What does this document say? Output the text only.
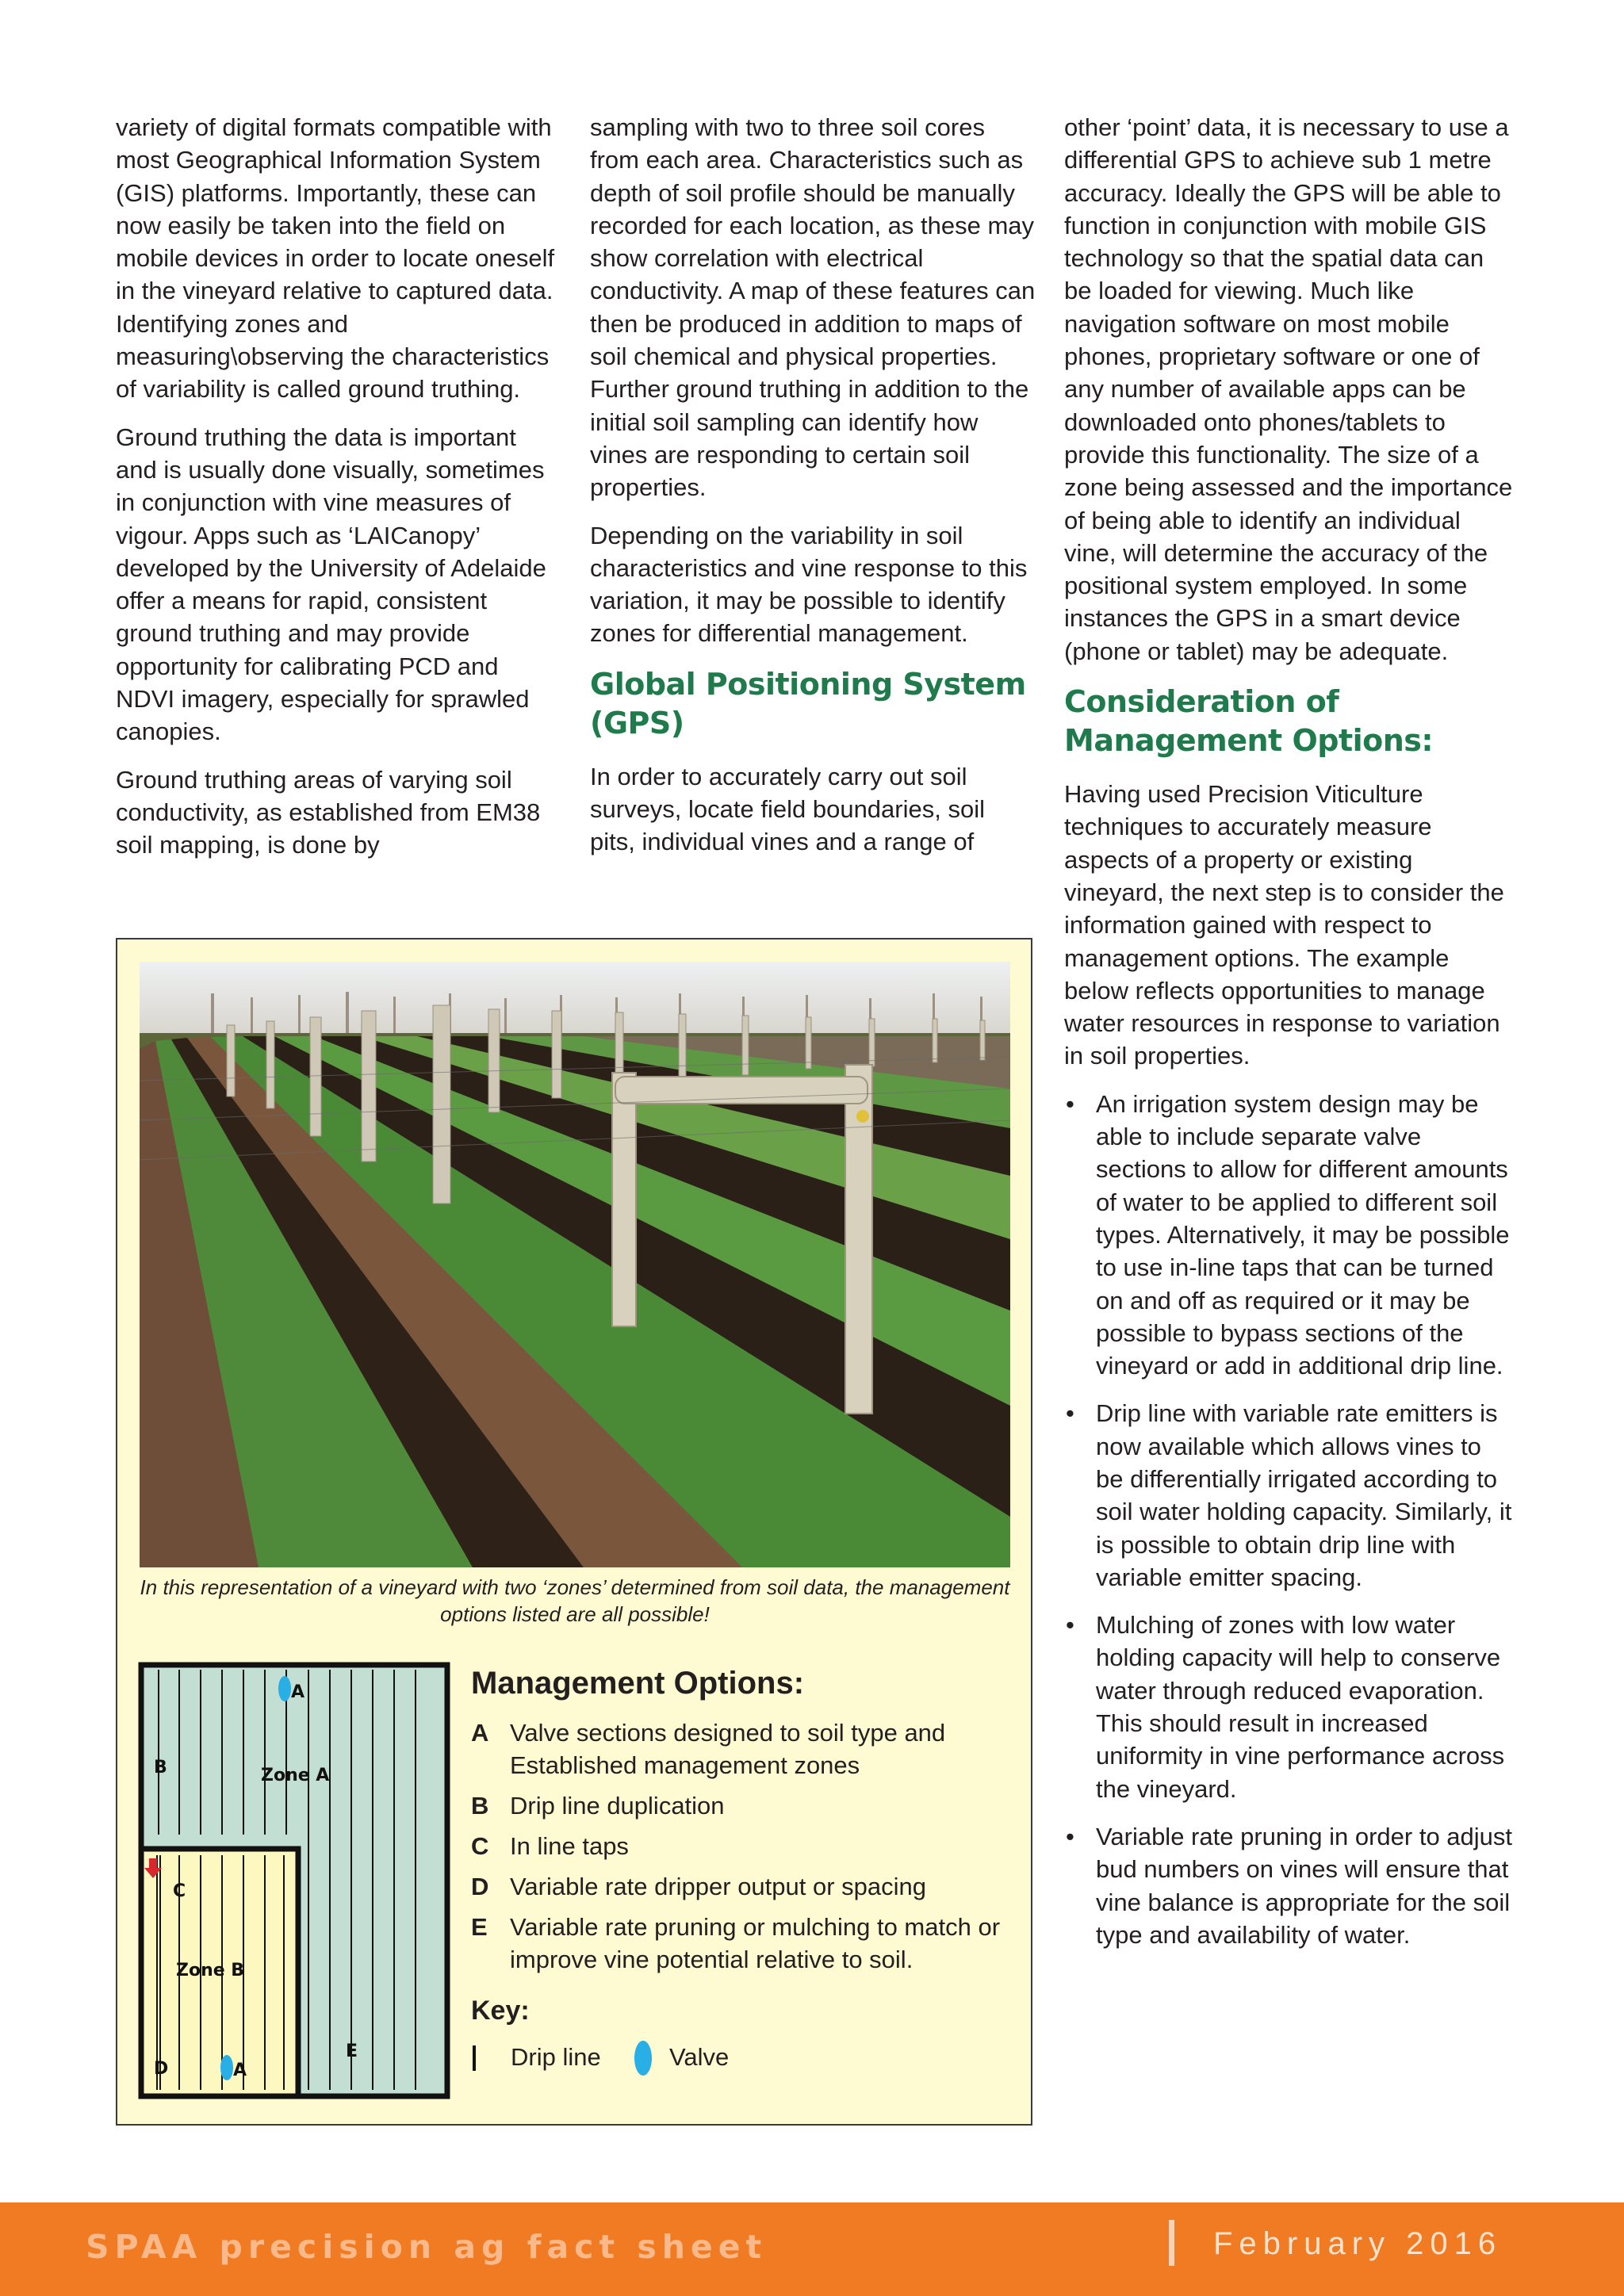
variety of digital formats compatible with most Geographical Information System (GIS) platforms. Importantly, these can now easily be taken into the field on mobile devices in order to locate oneself in the vineyard relative to captured data. Identifying zones and measuring\observing the characteristics of variability is called ground truthing.

Ground truthing the data is important and is usually done visually, sometimes in conjunction with vine measures of vigour. Apps such as ‘LAICanopy’ developed by the University of Adelaide offer a means for rapid, consistent ground truthing and may provide opportunity for calibrating PCD and NDVI imagery, especially for sprawled canopies.

Ground truthing areas of varying soil conductivity, as established from EM38 soil mapping, is done by

sampling with two to three soil cores from each area. Characteristics such as depth of soil profile should be manually recorded for each location, as these may show correlation with electrical conductivity. A map of these features can then be produced in addition to maps of soil chemical and physical properties. Further ground truthing in addition to the initial soil sampling can identify how vines are responding to certain soil properties.

Depending on the variability in soil characteristics and vine response to this variation, it may be possible to identify zones for differential management.

Global Positioning System (GPS)

In order to accurately carry out soil surveys, locate field boundaries, soil pits, individual vines and a range of

other ‘point’ data, it is necessary to use a differential GPS to achieve sub 1 metre accuracy. Ideally the GPS will be able to function in conjunction with mobile GIS technology so that the spatial data can be loaded for viewing. Much like navigation software on most mobile phones, proprietary software or one of any number of available apps can be downloaded onto phones/tablets to provide this functionality. The size of a zone being assessed and the importance of being able to identify an individual vine, will determine the accuracy of the positional system employed. In some instances the GPS in a smart device (phone or tablet) may be adequate.

Consideration of Management Options:

Having used Precision Viticulture techniques to accurately measure aspects of a property or existing vineyard, the next step is to consider the information gained with respect to management options. The example below reflects opportunities to manage water resources in response to variation in soil properties.

• An irrigation system design may be able to include separate valve sections to allow for different amounts of water to be applied to different soil types. Alternatively, it may be possible to use in-line taps that can be turned on and off as required or it may be possible to bypass sections of the vineyard or add in additional drip line.
• Drip line with variable rate emitters is now available which allows vines to be differentially irrigated according to soil water holding capacity. Similarly, it is possible to obtain drip line with variable emitter spacing.
• Mulching of zones with low water holding capacity will help to conserve water through reduced evaporation. This should result in increased uniformity in vine performance across the vineyard.
• Variable rate pruning in order to adjust bud numbers on vines will ensure that vine balance is appropriate for the soil type and availability of water.
In this representation of a vineyard with two ‘zones’ determined from soil data, the management options listed are all possible!
A
B	Zone A
C
Zone B
D	A
E
Management Options:
A Valve sections designed to soil type and Established management zones
B Drip line duplication
C In line taps
D Variable rate dripper output or spacing
E Variable rate pruning or mulching to match or improve vine potential relative to soil.
Key:
Drip line	Valve
SPAA precision ag fact sheet	February 2016
